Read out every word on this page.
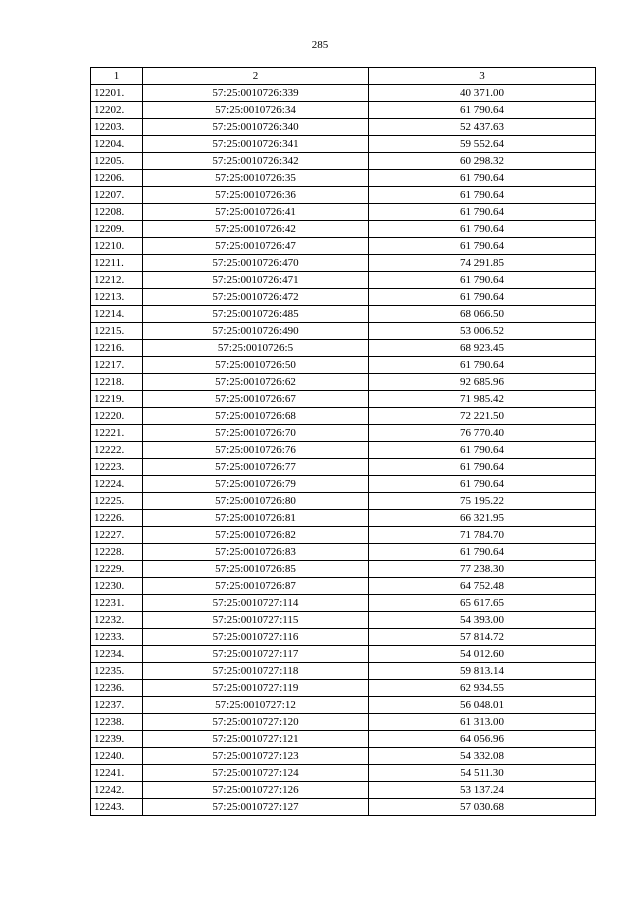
285
1	2	3
12201.	57:25:0010726:339	40 371.00
12202.	57:25:0010726:34	61 790.64
12203.	57:25:0010726:340	52 437.63
12204.	57:25:0010726:341	59 552.64
12205.	57:25:0010726:342	60 298.32
12206.	57:25:0010726:35	61 790.64
12207.	57:25:0010726:36	61 790.64
12208.	57:25:0010726:41	61 790.64
12209.	57:25:0010726:42	61 790.64
12210.	57:25:0010726:47	61 790.64
12211.	57:25:0010726:470	74 291.85
12212.	57:25:0010726:471	61 790.64
12213.	57:25:0010726:472	61 790.64
12214.	57:25:0010726:485	68 066.50
12215.	57:25:0010726:490	53 006.52
12216.	57:25:0010726:5	68 923.45
12217.	57:25:0010726:50	61 790.64
12218.	57:25:0010726:62	92 685.96
12219.	57:25:0010726:67	71 985.42
12220.	57:25:0010726:68	72 221.50
12221.	57:25:0010726:70	76 770.40
12222.	57:25:0010726:76	61 790.64
12223.	57:25:0010726:77	61 790.64
12224.	57:25:0010726:79	61 790.64
12225.	57:25:0010726:80	75 195.22
12226.	57:25:0010726:81	66 321.95
12227.	57:25:0010726:82	71 784.70
12228.	57:25:0010726:83	61 790.64
12229.	57:25:0010726:85	77 238.30
12230.	57:25:0010726:87	64 752.48
12231.	57:25:0010727:114	65 617.65
12232.	57:25:0010727:115	54 393.00
12233.	57:25:0010727:116	57 814.72
12234.	57:25:0010727:117	54 012.60
12235.	57:25:0010727:118	59 813.14
12236.	57:25:0010727:119	62 934.55
12237.	57:25:0010727:12	56 048.01
12238.	57:25:0010727:120	61 313.00
12239.	57:25:0010727:121	64 056.96
12240.	57:25:0010727:123	54 332.08
12241.	57:25:0010727:124	54 511.30
12242.	57:25:0010727:126	53 137.24
12243.	57:25:0010727:127	57 030.68
